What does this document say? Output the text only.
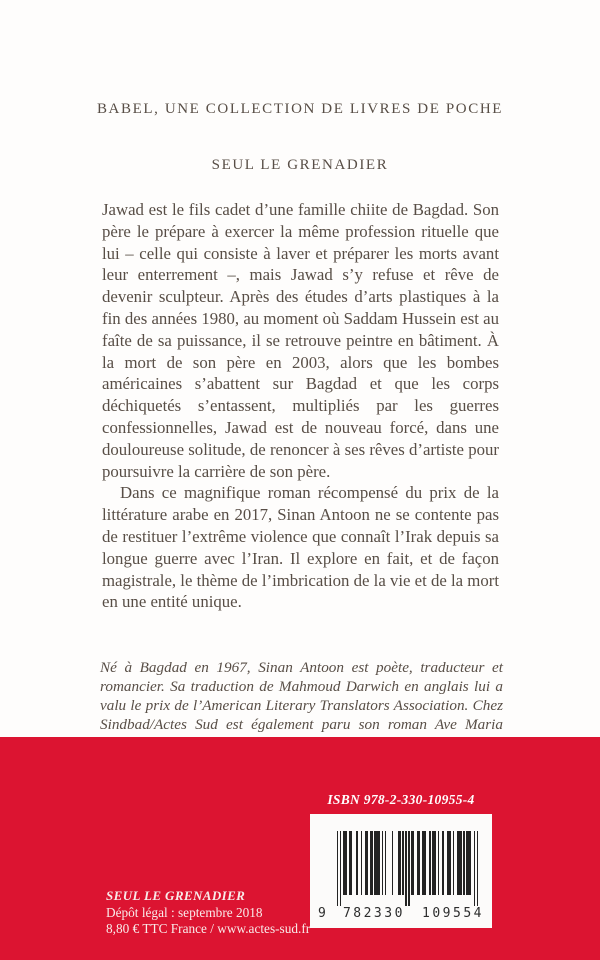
BABEL, UNE COLLECTION DE LIVRES DE POCHE
SEUL LE GRENADIER

Jawad est le fils cadet d’une famille chiite de Bagdad. Son père le prépare à exercer la même profession rituelle que lui – celle qui consiste à laver et préparer les morts avant leur enterrement –, mais Jawad s’y refuse et rêve de devenir sculpteur. Après des études d’arts plastiques à la fin des années 1980, au moment où Saddam Hussein est au faîte de sa puissance, il se retrouve peintre en bâtiment. À la mort de son père en 2003, alors que les bombes américaines s’abattent sur Bagdad et que les corps déchiquetés s’entassent, multipliés par les guerres confessionnelles, Jawad est de nouveau forcé, dans une douloureuse solitude, de renoncer à ses rêves d’artiste pour poursuivre la carrière de son père.

Dans ce magnifique roman récompensé du prix de la littérature arabe en 2017, Sinan Antoon ne se contente pas de restituer l’extrême violence que connaît l’Irak depuis sa longue guerre avec l’Iran. Il explore en fait, et de façon magistrale, le thème de l’imbrication de la vie et de la mort en une entité unique.

Né à Bagdad en 1967, Sinan Antoon est poète, traducteur et romancier. Sa traduction de Mahmoud Darwich en anglais lui a valu le prix de l’American Literary Translators Association. Chez Sindbad/Actes Sud est également paru son roman Ave Maria
ISBN 978-2-330-10955-4
9 782330 109554
SEUL LE GRENADIER
Dépôt légal : septembre 2018
8,80 € TTC France / www.actes-sud.fr
